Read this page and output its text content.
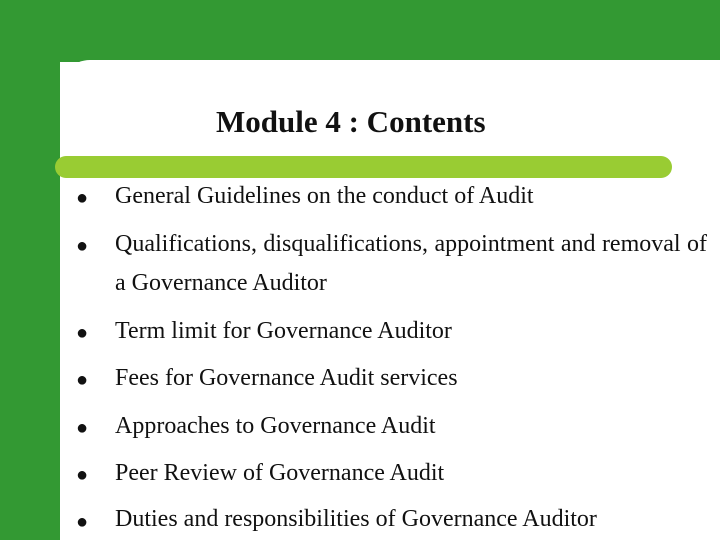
Module 4 : Contents
● General Guidelines on the conduct of Audit
● Qualifications, disqualifications, appointment and removal of a Governance Auditor
● Term limit for Governance Auditor
● Fees for Governance Audit services
● Approaches to Governance Audit
● Peer Review of Governance Audit
● Duties and responsibilities of Governance Auditor
